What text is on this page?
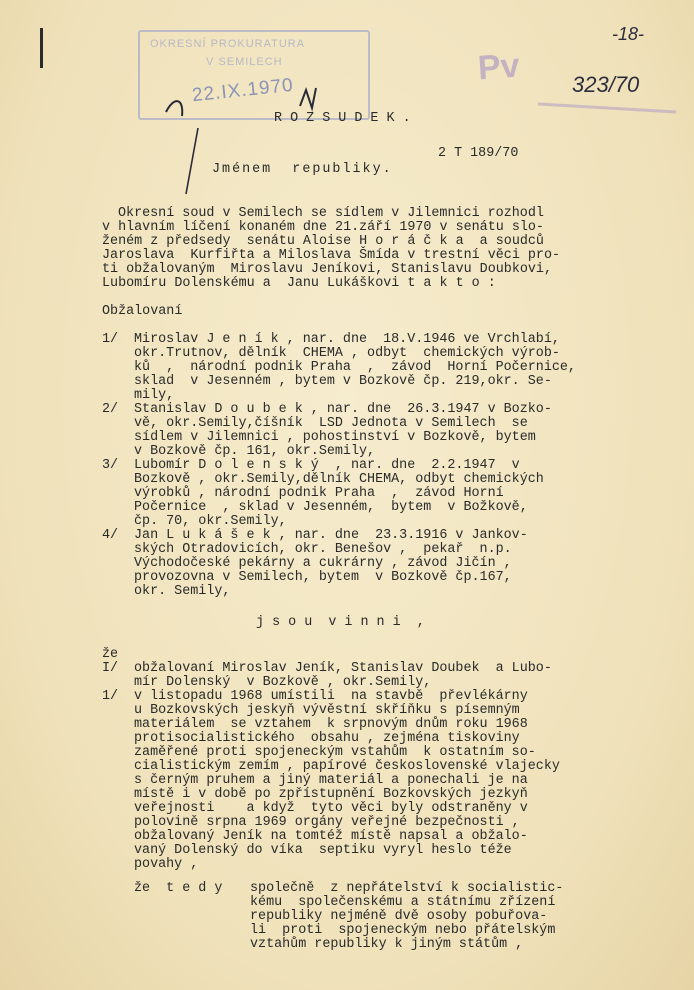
-18-
OKRESNÍ PROKURATURA
V SEMILECH
22.IX.1970
Pv 323/70
R O Z S U D E K .
2 T 189/70
Jménem  republiky.
Okresní soud v Semilech se sídlem v Jilemnici rozhodl
v hlavním líčení konaném dne 21.září 1970 v senátu slo-
ženém z předsedy  senátu Aloise H o r á č k a  a soudců
Jaroslava  Kurfiřta a Miloslava Šmída v trestní věci pro-
ti obžalovaným  Miroslavu Jeníkovi, Stanislavu Doubkovi,
Lubomíru Dolenskému a  Janu Lukáškovi t a k t o :
Obžalovaní
1/ Miroslav J e n í k , nar. dne  18.V.1946 ve Vrchlabí,
okr.Trutnov, dělník  CHEMA , odbyt  chemických výrob-
ků  ,  národní podnik Praha  ,  závod  Horní Počernice,
sklad  v Jesenném , bytem v Bozkově čp. 219,okr. Se-
mily,
2/ Stanislav D o u b e k , nar. dne  26.3.1947 v Bozko-
vě, okr.Semily,číšník  LSD Jednota v Semilech  se
sídlem v Jilemnici , pohostinství v Bozkově, bytem
v Bozkově čp. 161, okr.Semily,
3/ Lubomír D o l e n s k ý  , nar. dne  2.2.1947  v
Bozkově , okr.Semily,dělník CHEMA, odbyt chemických
výrobků , národní podnik Praha  ,  závod Horní
Počernice  , sklad v Jesenném,  bytem  v Božkově,
čp. 70, okr.Semily,
4/ Jan L u k á š e k , nar. dne  23.3.1916 v Jankov-
ských Otradovicích, okr. Benešov ,  pekař  n.p.
Východočeské pekárny a cukrárny , závod Jičín ,
provozovna v Semilech, bytem  v Bozkově čp.167,
okr. Semily,
j s o u  v i n n i  ,
že
I/ obžalovaní Miroslav Jeník, Stanislav Doubek  a Lubo-
mír Dolenský  v Bozkově , okr.Semily,
1/ v listopadu 1968 umístili  na stavbě  převlékárny
u Bozkovských jeskyň vývěstní skříňku s písemným
materiálem  se vztahem  k srpnovým dnům roku 1968
protisocialistického  obsahu , zejména tiskoviny
zaměřené proti spojeneckým vstahům  k ostatním so-
cialistickým zemím , papírové československé vlajecky
s černým pruhem a jiný materiál a ponechali je na
místě i v době po zpřístupnění Bozkovských jezkyň
veřejnosti    a když  tyto věci byly odstraněny v
polovině srpna 1969 orgány veřejné bezpečnosti ,
obžalovaný Jeník na tomtéž místě napsal a obžalo-
vaný Dolenský do víka  septiku vyryl heslo téže
povahy ,
že  t e d y společně  z nepřátelství k socialistic-
kému  společenskému a státnímu zřízení
republiky nejméně dvě osoby pobuřova-
li  proti  spojeneckým nebo přátelským
vztahům republiky k jiným státům ,
